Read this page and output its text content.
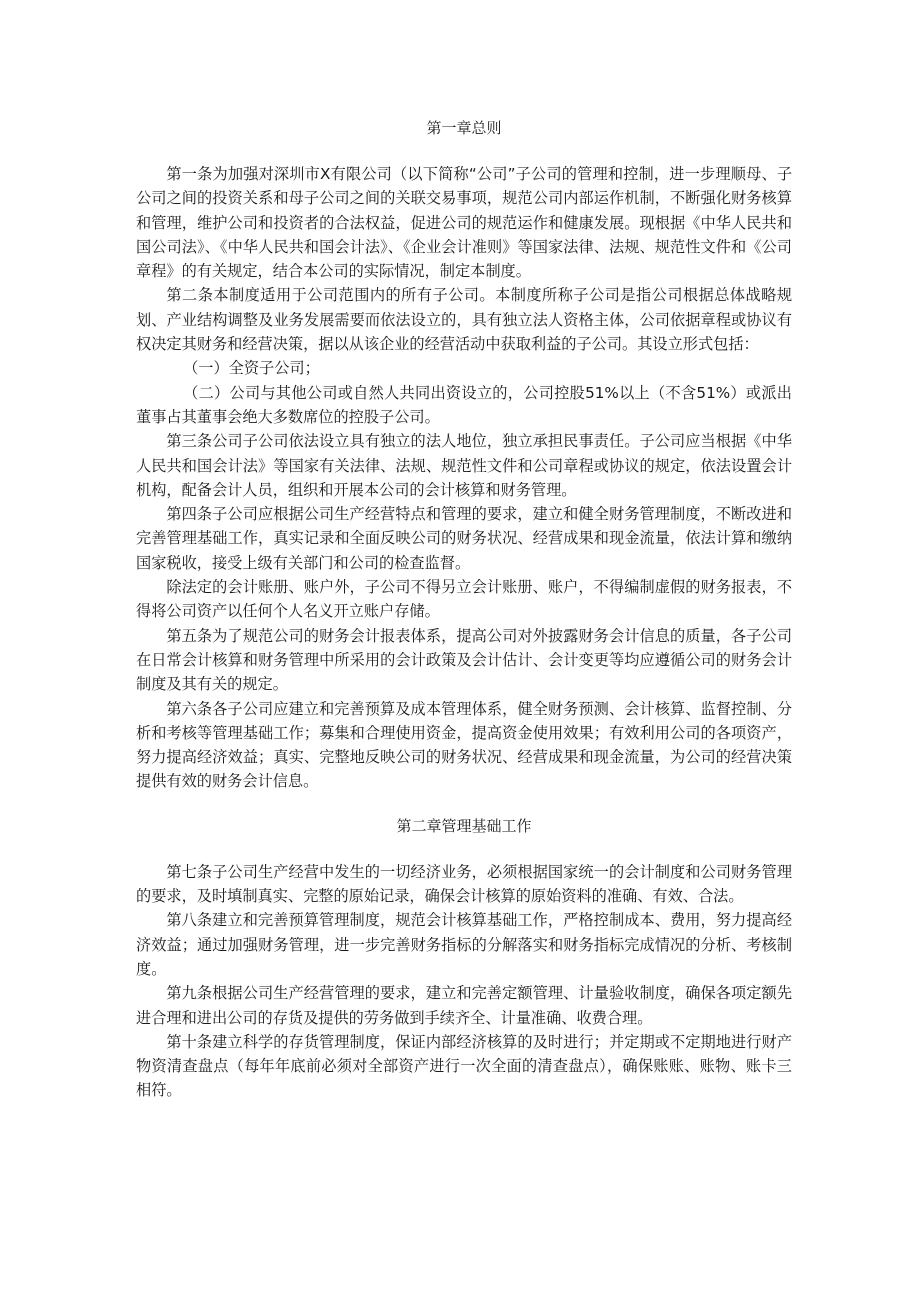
第一章总则

第一条为加强对深圳市X有限公司（以下简称“公司”子公司的管理和控制，进一步理顺母、子公司之间的投资关系和母子公司之间的关联交易事项，规范公司内部运作机制，不断强化财务核算和管理，维护公司和投资者的合法权益，促进公司的规范运作和健康发展。现根据《中华人民共和国公司法》、《中华人民共和国会计法》、《企业会计准则》等国家法律、法规、规范性文件和《公司章程》的有关规定，结合本公司的实际情况，制定本制度。

第二条本制度适用于公司范围内的所有子公司。本制度所称子公司是指公司根据总体战略规划、产业结构调整及业务发展需要而依法设立的，具有独立法人资格主体，公司依据章程或协议有权决定其财务和经营决策，据以从该企业的经营活动中获取利益的子公司。其设立形式包括：

（一）全资子公司；

（二）公司与其他公司或自然人共同出资设立的，公司控股51%以上（不含51%）或派出董事占其董事会绝大多数席位的控股子公司。

第三条公司子公司依法设立具有独立的法人地位，独立承担民事责任。子公司应当根据《中华人民共和国会计法》等国家有关法律、法规、规范性文件和公司章程或协议的规定，依法设置会计机构，配备会计人员，组织和开展本公司的会计核算和财务管理。

第四条子公司应根据公司生产经营特点和管理的要求，建立和健全财务管理制度，不断改进和完善管理基础工作，真实记录和全面反映公司的财务状况、经营成果和现金流量，依法计算和缴纳国家税收，接受上级有关部门和公司的检查监督。

除法定的会计账册、账户外，子公司不得另立会计账册、账户，不得编制虚假的财务报表，不得将公司资产以任何个人名义开立账户存储。

第五条为了规范公司的财务会计报表体系，提高公司对外披露财务会计信息的质量，各子公司在日常会计核算和财务管理中所采用的会计政策及会计估计、会计变更等均应遵循公司的财务会计制度及其有关的规定。

第六条各子公司应建立和完善预算及成本管理体系，健全财务预测、会计核算、监督控制、分析和考核等管理基础工作；募集和合理使用资金，提高资金使用效果；有效利用公司的各项资产，努力提高经济效益；真实、完整地反映公司的财务状况、经营成果和现金流量，为公司的经营决策提供有效的财务会计信息。

第二章管理基础工作

第七条子公司生产经营中发生的一切经济业务，必须根据国家统一的会计制度和公司财务管理的要求，及时填制真实、完整的原始记录，确保会计核算的原始资料的准确、有效、合法。

第八条建立和完善预算管理制度，规范会计核算基础工作，严格控制成本、费用，努力提高经济效益；通过加强财务管理，进一步完善财务指标的分解落实和财务指标完成情况的分析、考核制度。

第九条根据公司生产经营管理的要求，建立和完善定额管理、计量验收制度，确保各项定额先进合理和进出公司的存货及提供的劳务做到手续齐全、计量准确、收费合理。

第十条建立科学的存货管理制度，保证内部经济核算的及时进行；并定期或不定期地进行财产物资清查盘点（每年年底前必须对全部资产进行一次全面的清查盘点），确保账账、账物、账卡三相符。
